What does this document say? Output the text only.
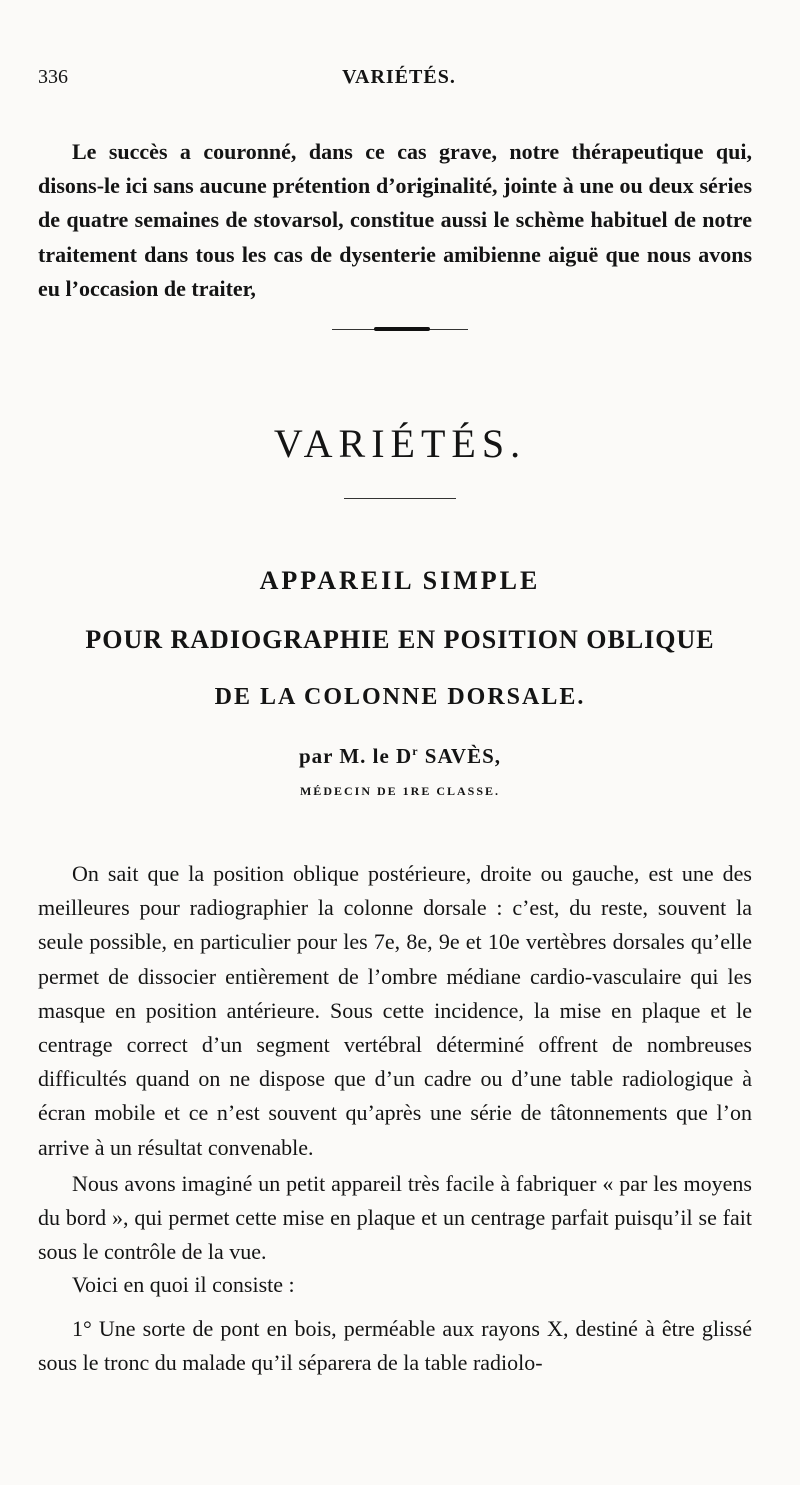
336	VARIÉTÉS.

Le succès a couronné, dans ce cas grave, notre thérapeutique qui, disons-le ici sans aucune prétention d’originalité, jointe à une ou deux séries de quatre semaines de stovarsol, constitue aussi le schème habituel de notre traitement dans tous les cas de dysenterie amibienne aiguë que nous avons eu l’occasion de traiter,

VARIÉTÉS.
APPAREIL SIMPLE
POUR RADIOGRAPHIE EN POSITION OBLIQUE
DE LA COLONNE DORSALE.
par M. le $D^r$ SAVÈS,
MÉDECIN DE 1RE CLASSE.

On sait que la position oblique postérieure, droite ou gauche, est une des meilleures pour radiographier la colonne dorsale : c’est, du reste, souvent la seule possible, en particulier pour les 7e, 8e, 9e et 10e vertèbres dorsales qu’elle permet de dissocier entièrement de l’ombre médiane cardio-vasculaire qui les masque en position antérieure. Sous cette incidence, la mise en plaque et le centrage correct d’un segment vertébral déterminé offrent de nombreuses difficultés quand on ne dispose que d’un cadre ou d’une table radiologique à écran mobile et ce n’est souvent qu’après une série de tâtonnements que l’on arrive à un résultat convenable.

Nous avons imaginé un petit appareil très facile à fabriquer « par les moyens du bord », qui permet cette mise en plaque et un centrage parfait puisqu’il se fait sous le contrôle de la vue.

Voici en quoi il consiste :

1° Une sorte de pont en bois, perméable aux rayons X, destiné à être glissé sous le tronc du malade qu’il séparera de la table radiolo-
